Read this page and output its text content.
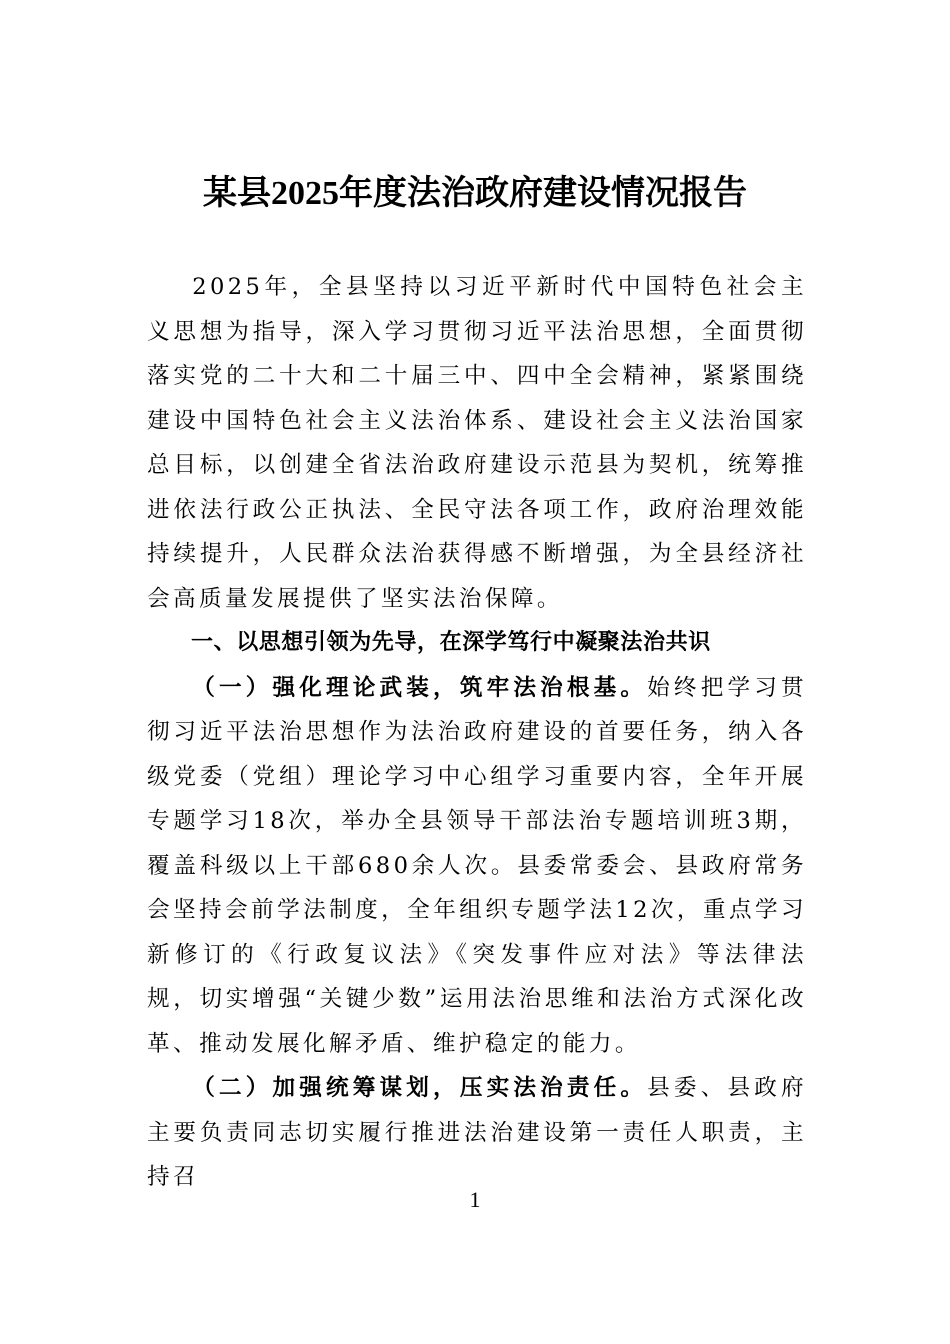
某县2025年度法治政府建设情况报告

2025年，全县坚持以习近平新时代中国特色社会主义思想为指导，深入学习贯彻习近平法治思想，全面贯彻落实党的二十大和二十届三中、四中全会精神，紧紧围绕建设中国特色社会主义法治体系、建设社会主义法治国家总目标，以创建全省法治政府建设示范县为契机，统筹推进依法行政公正执法、全民守法各项工作，政府治理效能持续提升，人民群众法治获得感不断增强，为全县经济社会高质量发展提供了坚实法治保障。

一、以思想引领为先导，在深学笃行中凝聚法治共识

（一）强化理论武装，筑牢法治根基。始终把学习贯彻习近平法治思想作为法治政府建设的首要任务，纳入各级党委（党组）理论学习中心组学习重要内容，全年开展专题学习18次，举办全县领导干部法治专题培训班3期，覆盖科级以上干部680余人次。县委常委会、县政府常务会坚持会前学法制度，全年组织专题学法12次，重点学习新修订的《行政复议法》《突发事件应对法》等法律法规，切实增强“关键少数”运用法治思维和法治方式深化改革、推动发展化解矛盾、维护稳定的能力。

（二）加强统筹谋划，压实法治责任。县委、县政府主要负责同志切实履行推进法治建设第一责任人职责，主持召

1
